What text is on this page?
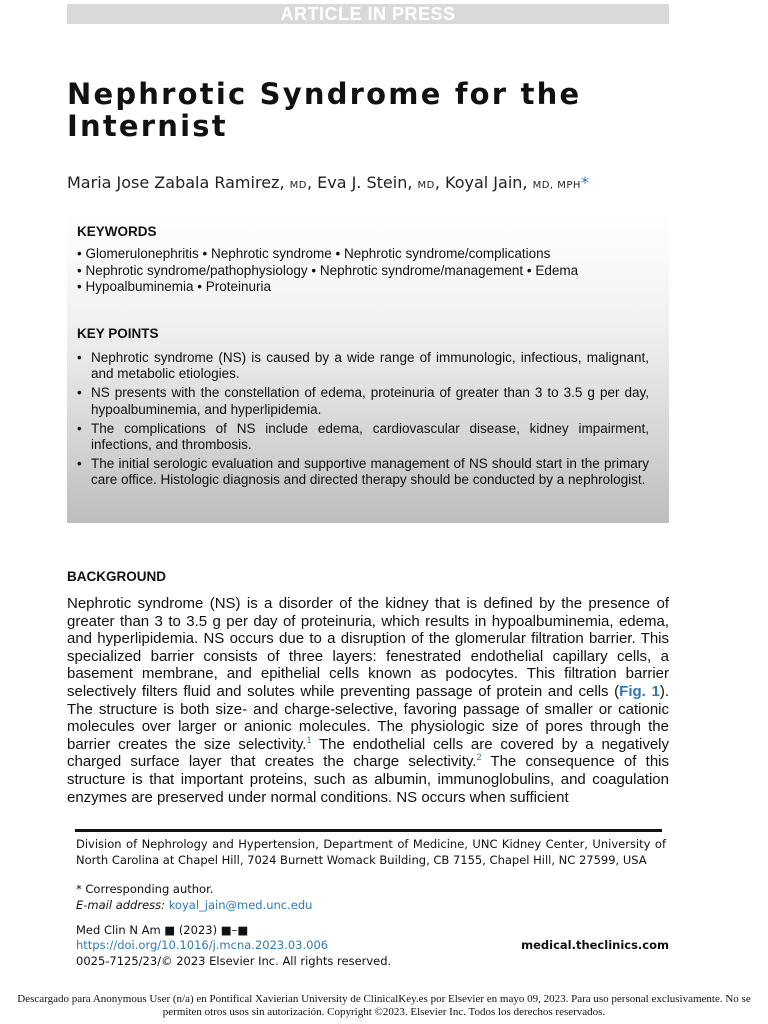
ARTICLE IN PRESS
Nephrotic Syndrome for the Internist
Maria Jose Zabala Ramirez, MD, Eva J. Stein, MD, Koyal Jain, MD, MPH*
KEYWORDS
• Glomerulonephritis • Nephrotic syndrome • Nephrotic syndrome/complications
• Nephrotic syndrome/pathophysiology • Nephrotic syndrome/management • Edema
• Hypoalbuminemia • Proteinuria
KEY POINTS
• Nephrotic syndrome (NS) is caused by a wide range of immunologic, infectious, malignant, and metabolic etiologies.
• NS presents with the constellation of edema, proteinuria of greater than 3 to 3.5 g per day, hypoalbuminemia, and hyperlipidemia.
• The complications of NS include edema, cardiovascular disease, kidney impairment, infections, and thrombosis.
• The initial serologic evaluation and supportive management of NS should start in the primary care office. Histologic diagnosis and directed therapy should be conducted by a nephrologist.
BACKGROUND

Nephrotic syndrome (NS) is a disorder of the kidney that is defined by the presence of greater than 3 to 3.5 g per day of proteinuria, which results in hypoalbuminemia, edema, and hyperlipidemia. NS occurs due to a disruption of the glomerular filtration barrier. This specialized barrier consists of three layers: fenestrated endothelial capillary cells, a basement membrane, and epithelial cells known as podocytes. This filtration barrier selectively filters fluid and solutes while preventing passage of protein and cells (Fig. 1). The structure is both size- and charge-selective, favoring passage of smaller or cationic molecules over larger or anionic molecules. The physiologic size of pores through the barrier creates the size selectivity.$^1$ The endothelial cells are covered by a negatively charged surface layer that creates the charge selectivity.$^2$ The consequence of this structure is that important proteins, such as albumin, immunoglobulins, and coagulation enzymes are preserved under normal conditions. NS occurs when sufficient

Division of Nephrology and Hypertension, Department of Medicine, UNC Kidney Center, University of North Carolina at Chapel Hill, 7024 Burnett Womack Building, CB 7155, Chapel Hill, NC 27599, USA
* Corresponding author.
E-mail address: koyal_jain@med.unc.edu
Med Clin N Am ■ (2023) ■–■
https://doi.org/10.1016/j.mcna.2023.03.006
0025-7125/23/© 2023 Elsevier Inc. All rights reserved.
medical.theclinics.com
Descargado para Anonymous User (n/a) en Pontifical Xavierian University de ClinicalKey.es por Elsevier en mayo 09, 2023. Para uso personal exclusivamente. No se permiten otros usos sin autorización. Copyright ©2023. Elsevier Inc. Todos los derechos reservados.
